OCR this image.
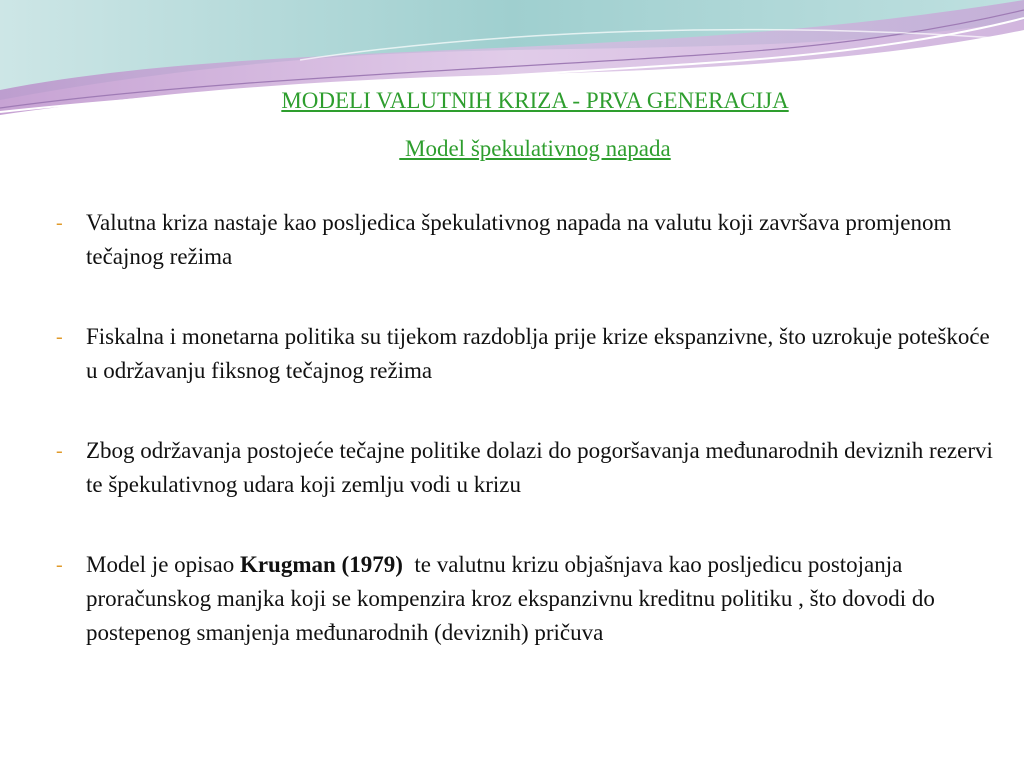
MODELI VALUTNIH KRIZA - PRVA GENERACIJA
Model špekulativnog napada
- Valutna kriza nastaje kao posljedica špekulativnog napada na valutu koji završava promjenom tečajnog režima
- Fiskalna i monetarna politika su tijekom razdoblja prije krize ekspanzivne, što uzrokuje poteškoće u održavanju fiksnog tečajnog režima
- Zbog održavanja postojeće tečajne politike dolazi do pogoršavanja međunarodnih deviznih rezervi te špekulativnog udara koji zemlju vodi u krizu
- Model je opisao Krugman (1979)  te valutnu krizu objašnjava kao posljedicu postojanja proračunskog manjka koji se kompenzira kroz ekspanzivnu kreditnu politiku , što dovodi do postepenog smanjenja međunarodnih (deviznih) pričuva
